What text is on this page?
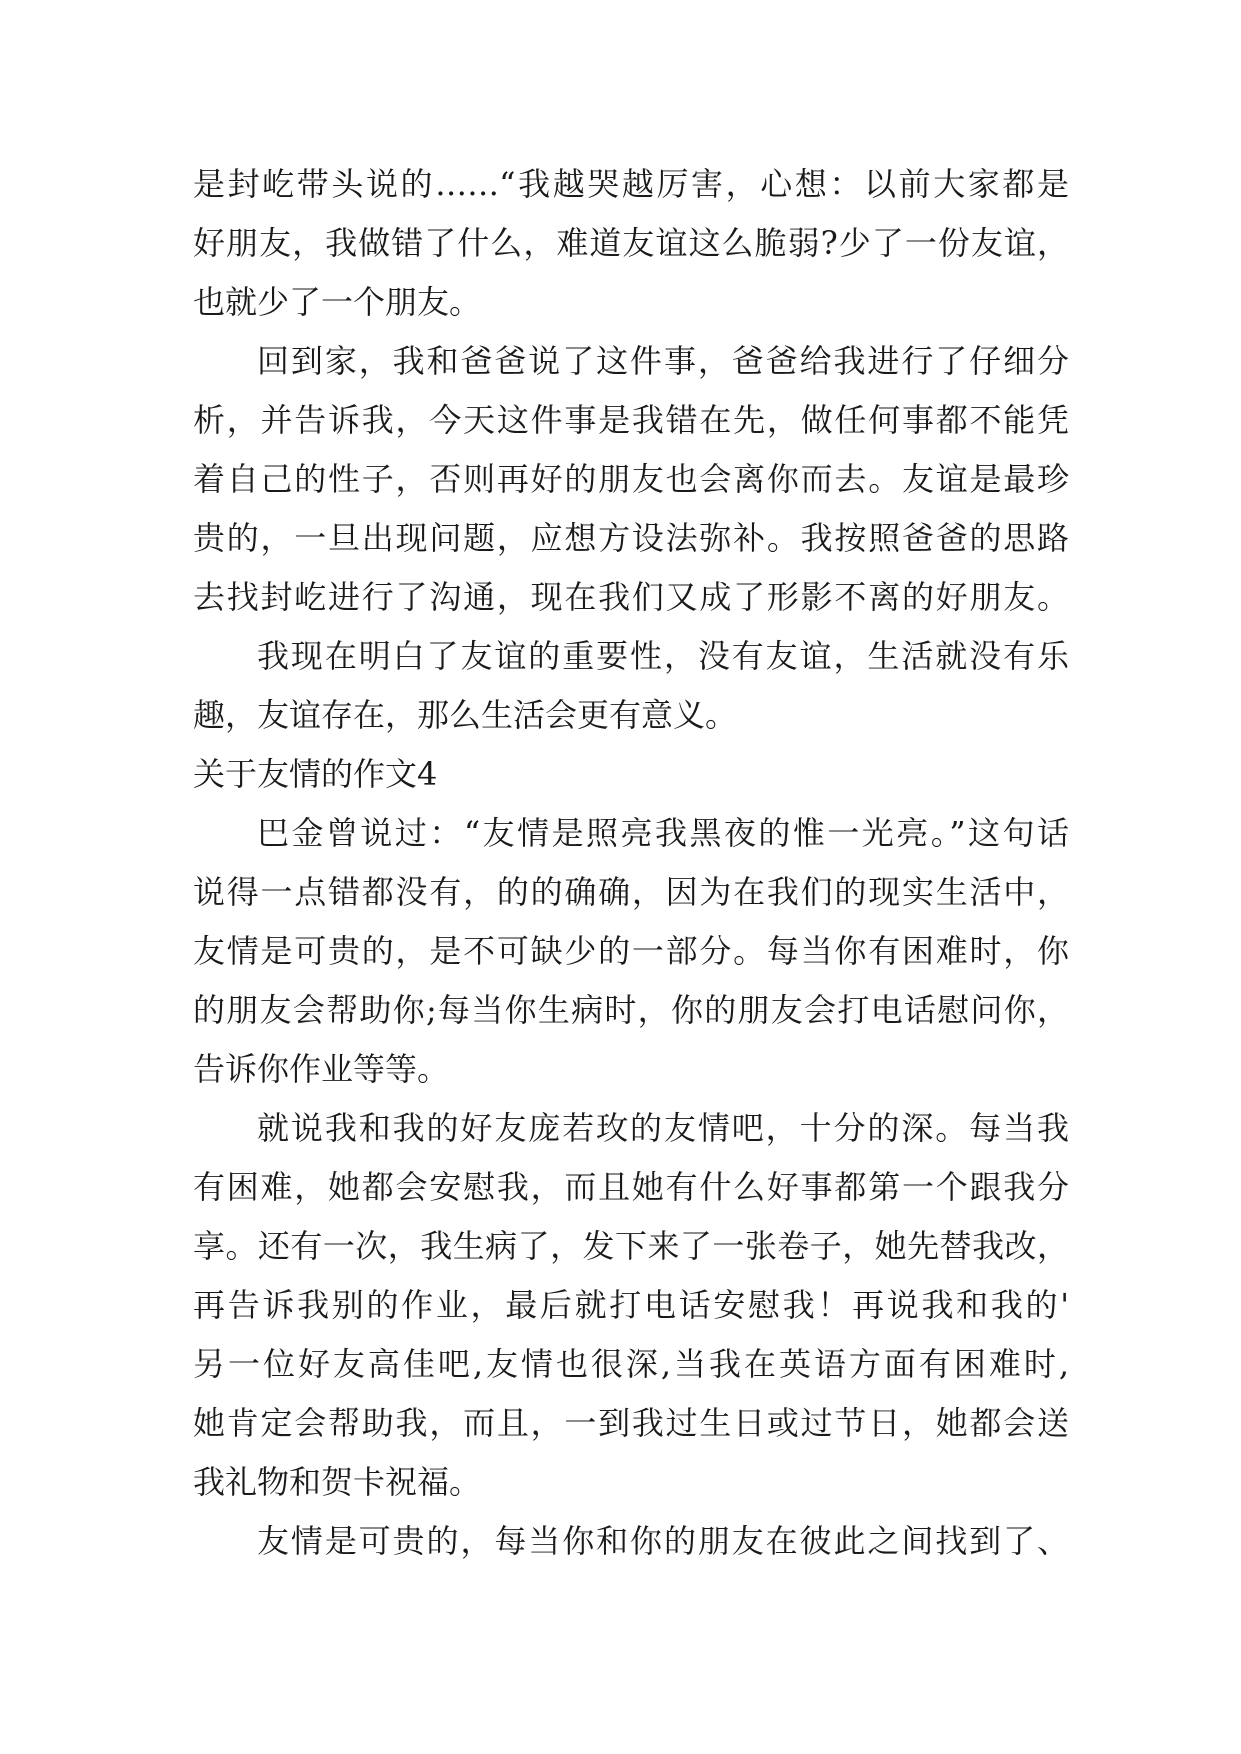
是封屹带头说的……“我越哭越厉害，心想：以前大家都是
好朋友，我做错了什么，难道友谊这么脆弱?少了一份友谊，
也就少了一个朋友。
回到家，我和爸爸说了这件事，爸爸给我进行了仔细分
析，并告诉我，今天这件事是我错在先，做任何事都不能凭
着自己的性子，否则再好的朋友也会离你而去。友谊是最珍
贵的，一旦出现问题，应想方设法弥补。我按照爸爸的思路
去找封屹进行了沟通，现在我们又成了形影不离的好朋友。
我现在明白了友谊的重要性，没有友谊，生活就没有乐
趣，友谊存在，那么生活会更有意义。
关于友情的作文4
巴金曾说过：“友情是照亮我黑夜的惟一光亮。”这句话
说得一点错都没有，的的确确，因为在我们的现实生活中，
友情是可贵的，是不可缺少的一部分。每当你有困难时，你
的朋友会帮助你;每当你生病时，你的朋友会打电话慰问你，
告诉你作业等等。
就说我和我的好友庞若玫的友情吧，十分的深。每当我
有困难，她都会安慰我，而且她有什么好事都第一个跟我分
享。还有一次，我生病了，发下来了一张卷子，她先替我改，
再告诉我别的作业，最后就打电话安慰我！再说我和我的'
另一位好友高佳吧,友情也很深,当我在英语方面有困难时,
她肯定会帮助我，而且，一到我过生日或过节日，她都会送
我礼物和贺卡祝福。
友情是可贵的，每当你和你的朋友在彼此之间找到了、
